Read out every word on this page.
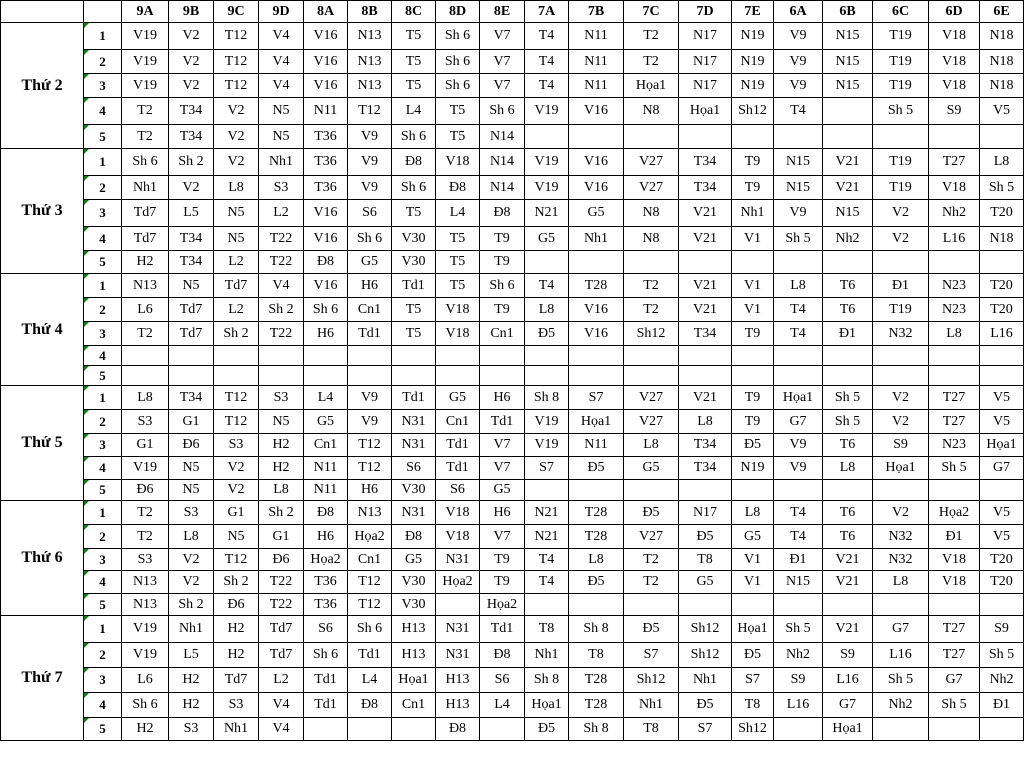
		9A	9B	9C	9D	8A	8B	8C	8D	8E	7A	7B	7C	7D	7E	6A	6B	6C	6D	6E
Thứ 2	1	V19	V2	T12	V4	V16	N13	T5	Sh 6	V7	T4	N11	T2	N17	N19	V9	N15	T19	V18	N18
	2	V19	V2	T12	V4	V16	N13	T5	Sh 6	V7	T4	N11	T2	N17	N19	V9	N15	T19	V18	N18
	3	V19	V2	T12	V4	V16	N13	T5	Sh 6	V7	T4	N11	Họa1	N17	N19	V9	N15	T19	V18	N18
	4	T2	T34	V2	N5	N11	T12	L4	T5	Sh 6	V19	V16	N8	Họa1	Sh12	T4		Sh 5	S9	V5
	5	T2	T34	V2	N5	T36	V9	Sh 6	T5	N14										
Thứ 3	1	Sh 6	Sh 2	V2	Nh1	T36	V9	Đ8	V18	N14	V19	V16	V27	T34	T9	N15	V21	T19	T27	L8
	2	Nh1	V2	L8	S3	T36	V9	Sh 6	Đ8	N14	V19	V16	V27	T34	T9	N15	V21	T19	V18	Sh 5
	3	Td7	L5	N5	L2	V16	S6	T5	L4	Đ8	N21	G5	N8	V21	Nh1	V9	N15	V2	Nh2	T20
	4	Td7	T34	N5	T22	V16	Sh 6	V30	T5	T9	G5	Nh1	N8	V21	V1	Sh 5	Nh2	V2	L16	N18
	5	H2	T34	L2	T22	Đ8	G5	V30	T5	T9										
Thứ 4	1	N13	N5	Td7	V4	V16	H6	Td1	T5	Sh 6	T4	T28	T2	V21	V1	L8	T6	Đ1	N23	T20
	2	L6	Td7	L2	Sh 2	Sh 6	Cn1	T5	V18	T9	L8	V16	T2	V21	V1	T4	T6	T19	N23	T20
	3	T2	Td7	Sh 2	T22	H6	Td1	T5	V18	Cn1	Đ5	V16	Sh12	T34	T9	T4	Đ1	N32	L8	L16
	4																			
	5																			
Thứ 5	1	L8	T34	T12	S3	L4	V9	Td1	G5	H6	Sh 8	S7	V27	V21	T9	Họa1	Sh 5	V2	T27	V5
	2	S3	G1	T12	N5	G5	V9	N31	Cn1	Td1	V19	Họa1	V27	L8	T9	G7	Sh 5	V2	T27	V5
	3	G1	Đ6	S3	H2	Cn1	T12	N31	Td1	V7	V19	N11	L8	T34	Đ5	V9	T6	S9	N23	Họa1
	4	V19	N5	V2	H2	N11	T12	S6	Td1	V7	S7	Đ5	G5	T34	N19	V9	L8	Họa1	Sh 5	G7
	5	Đ6	N5	V2	L8	N11	H6	V30	S6	G5										
Thứ 6	1	T2	S3	G1	Sh 2	Đ8	N13	N31	V18	H6	N21	T28	Đ5	N17	L8	T4	T6	V2	Họa2	V5
	2	T2	L8	N5	G1	H6	Họa2	Đ8	V18	V7	N21	T28	V27	Đ5	G5	T4	T6	N32	Đ1	V5
	3	S3	V2	T12	Đ6	Họa2	Cn1	G5	N31	T9	T4	L8	T2	T8	V1	Đ1	V21	N32	V18	T20
	4	N13	V2	Sh 2	T22	T36	T12	V30	Họa2	T9	T4	Đ5	T2	G5	V1	N15	V21	L8	V18	T20
	5	N13	Sh 2	Đ6	T22	T36	T12	V30		Họa2										
Thứ 7	1	V19	Nh1	H2	Td7	S6	Sh 6	H13	N31	Td1	T8	Sh 8	Đ5	Sh12	Họa1	Sh 5	V21	G7	T27	S9
	2	V19	L5	H2	Td7	Sh 6	Td1	H13	N31	Đ8	Nh1	T8	S7	Sh12	Đ5	Nh2	S9	L16	T27	Sh 5
	3	L6	H2	Td7	L2	Td1	L4	Họa1	H13	S6	Sh 8	T28	Sh12	Nh1	S7	S9	L16	Sh 5	G7	Nh2
	4	Sh 6	H2	S3	V4	Td1	Đ8	Cn1	H13	L4	Họa1	T28	Nh1	Đ5	T8	L16	G7	Nh2	Sh 5	Đ1
	5	H2	S3	Nh1	V4				Đ8		Đ5	Sh 8	T8	S7	Sh12		Họa1			
